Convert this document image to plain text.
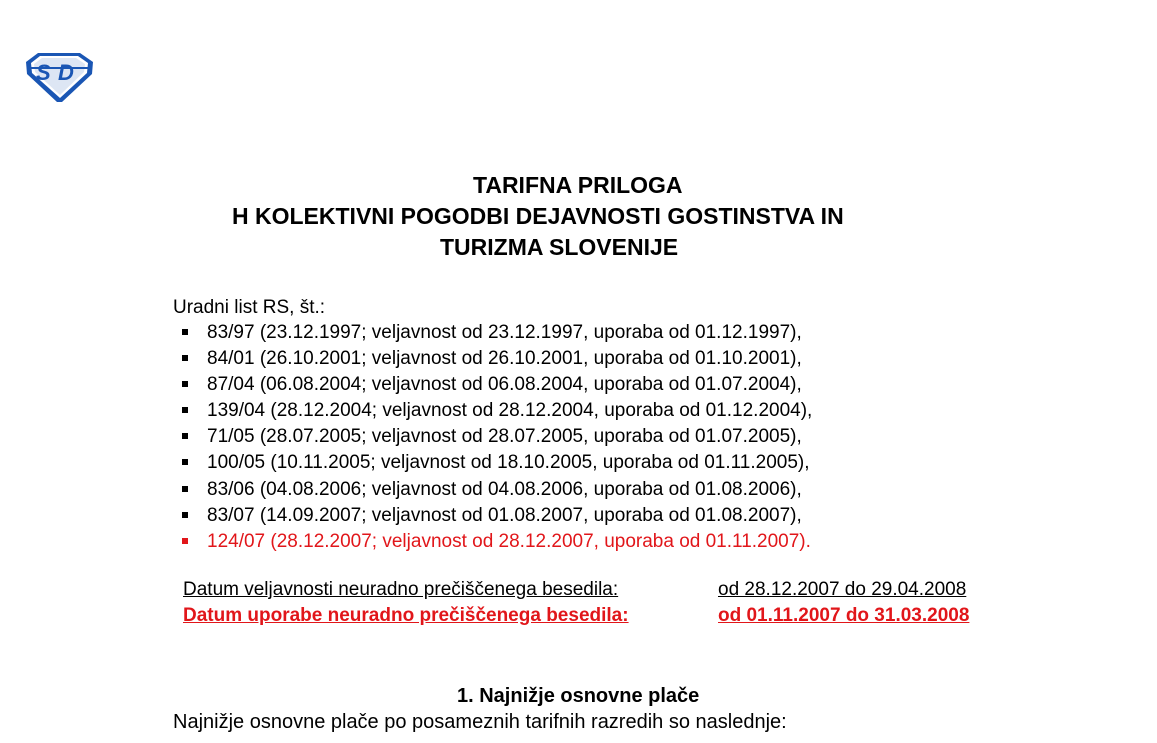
S D
TARIFNA PRILOGA
H KOLEKTIVNI POGODBI DEJAVNOSTI GOSTINSTVA IN
TURIZMA SLOVENIJE
Uradni list RS, št.:
83/97 (23.12.1997; veljavnost od 23.12.1997, uporaba od 01.12.1997),
84/01 (26.10.2001; veljavnost od 26.10.2001, uporaba od 01.10.2001),
87/04 (06.08.2004; veljavnost od 06.08.2004, uporaba od 01.07.2004),
139/04 (28.12.2004; veljavnost od 28.12.2004, uporaba od 01.12.2004),
71/05 (28.07.2005; veljavnost od 28.07.2005, uporaba od 01.07.2005),
100/05 (10.11.2005; veljavnost od 18.10.2005, uporaba od 01.11.2005),
83/06 (04.08.2006; veljavnost od 04.08.2006, uporaba od 01.08.2006),
83/07 (14.09.2007; veljavnost od 01.08.2007, uporaba od 01.08.2007),
124/07 (28.12.2007; veljavnost od 28.12.2007, uporaba od 01.11.2007).
Datum veljavnosti neuradno prečiščenega besedila:	od 28.12.2007 do 29.04.2008
Datum uporabe neuradno prečiščenega besedila:	od 01.11.2007 do 31.03.2008
1. Najnižje osnovne plače
Najnižje osnovne plače po posameznih tarifnih razredih so naslednje:
